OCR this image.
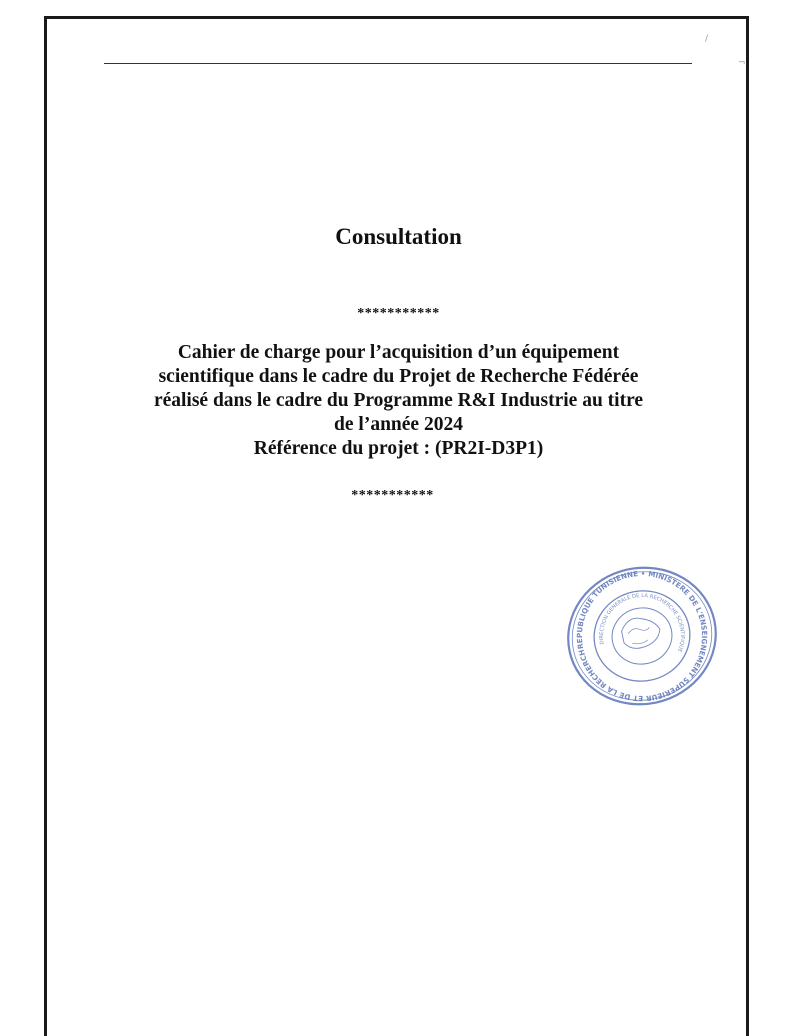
/
¬
Consultation
***********
Cahier de charge pour l’acquisition d’un équipement
scientifique dans le cadre du Projet de Recherche Fédérée
réalisé dans le cadre du Programme R&I Industrie au titre
de l’année 2024
Référence du projet : (PR2I-D3P1)
***********
REPUBLIQUE TUNISIENNE • MINISTERE DE L'ENSEIGNEMENT SUPERIEUR ET DE LA RECHERCHE
DIRECTION GENERALE DE LA RECHERCHE SCIENTIFIQUE
